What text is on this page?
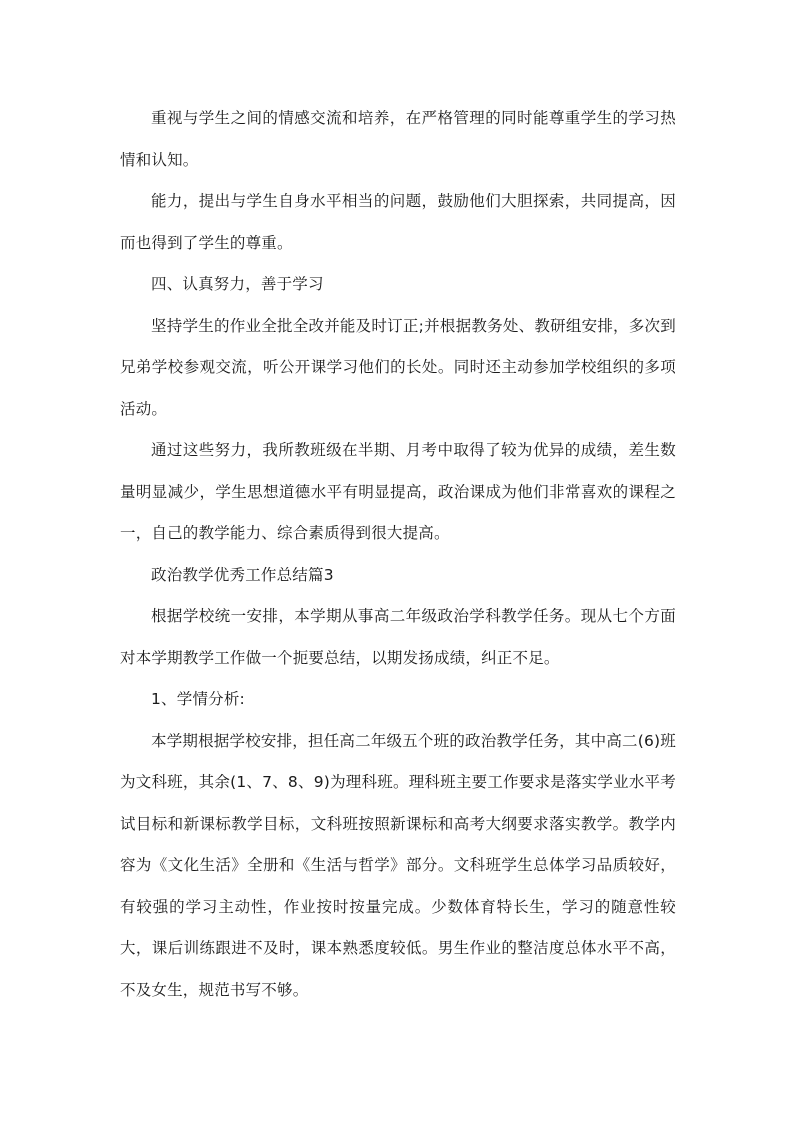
重视与学生之间的情感交流和培养，在严格管理的同时能尊重学生的学习热情和认知。

能力，提出与学生自身水平相当的问题，鼓励他们大胆探索，共同提高，因而也得到了学生的尊重。

四、认真努力，善于学习

坚持学生的作业全批全改并能及时订正;并根据教务处、教研组安排，多次到兄弟学校参观交流，听公开课学习他们的长处。同时还主动参加学校组织的多项活动。

通过这些努力，我所教班级在半期、月考中取得了较为优异的成绩，差生数量明显减少，学生思想道德水平有明显提高，政治课成为他们非常喜欢的课程之一，自己的教学能力、综合素质得到很大提高。

政治教学优秀工作总结篇3

根据学校统一安排，本学期从事高二年级政治学科教学任务。现从七个方面对本学期教学工作做一个扼要总结，以期发扬成绩，纠正不足。

1、学情分析:

本学期根据学校安排，担任高二年级五个班的政治教学任务，其中高二(6)班为文科班，其余(1、7、8、9)为理科班。理科班主要工作要求是落实学业水平考试目标和新课标教学目标，文科班按照新课标和高考大纲要求落实教学。教学内容为《文化生活》全册和《生活与哲学》部分。文科班学生总体学习品质较好，有较强的学习主动性，作业按时按量完成。少数体育特长生，学习的随意性较大，课后训练跟进不及时，课本熟悉度较低。男生作业的整洁度总体水平不高，不及女生，规范书写不够。
